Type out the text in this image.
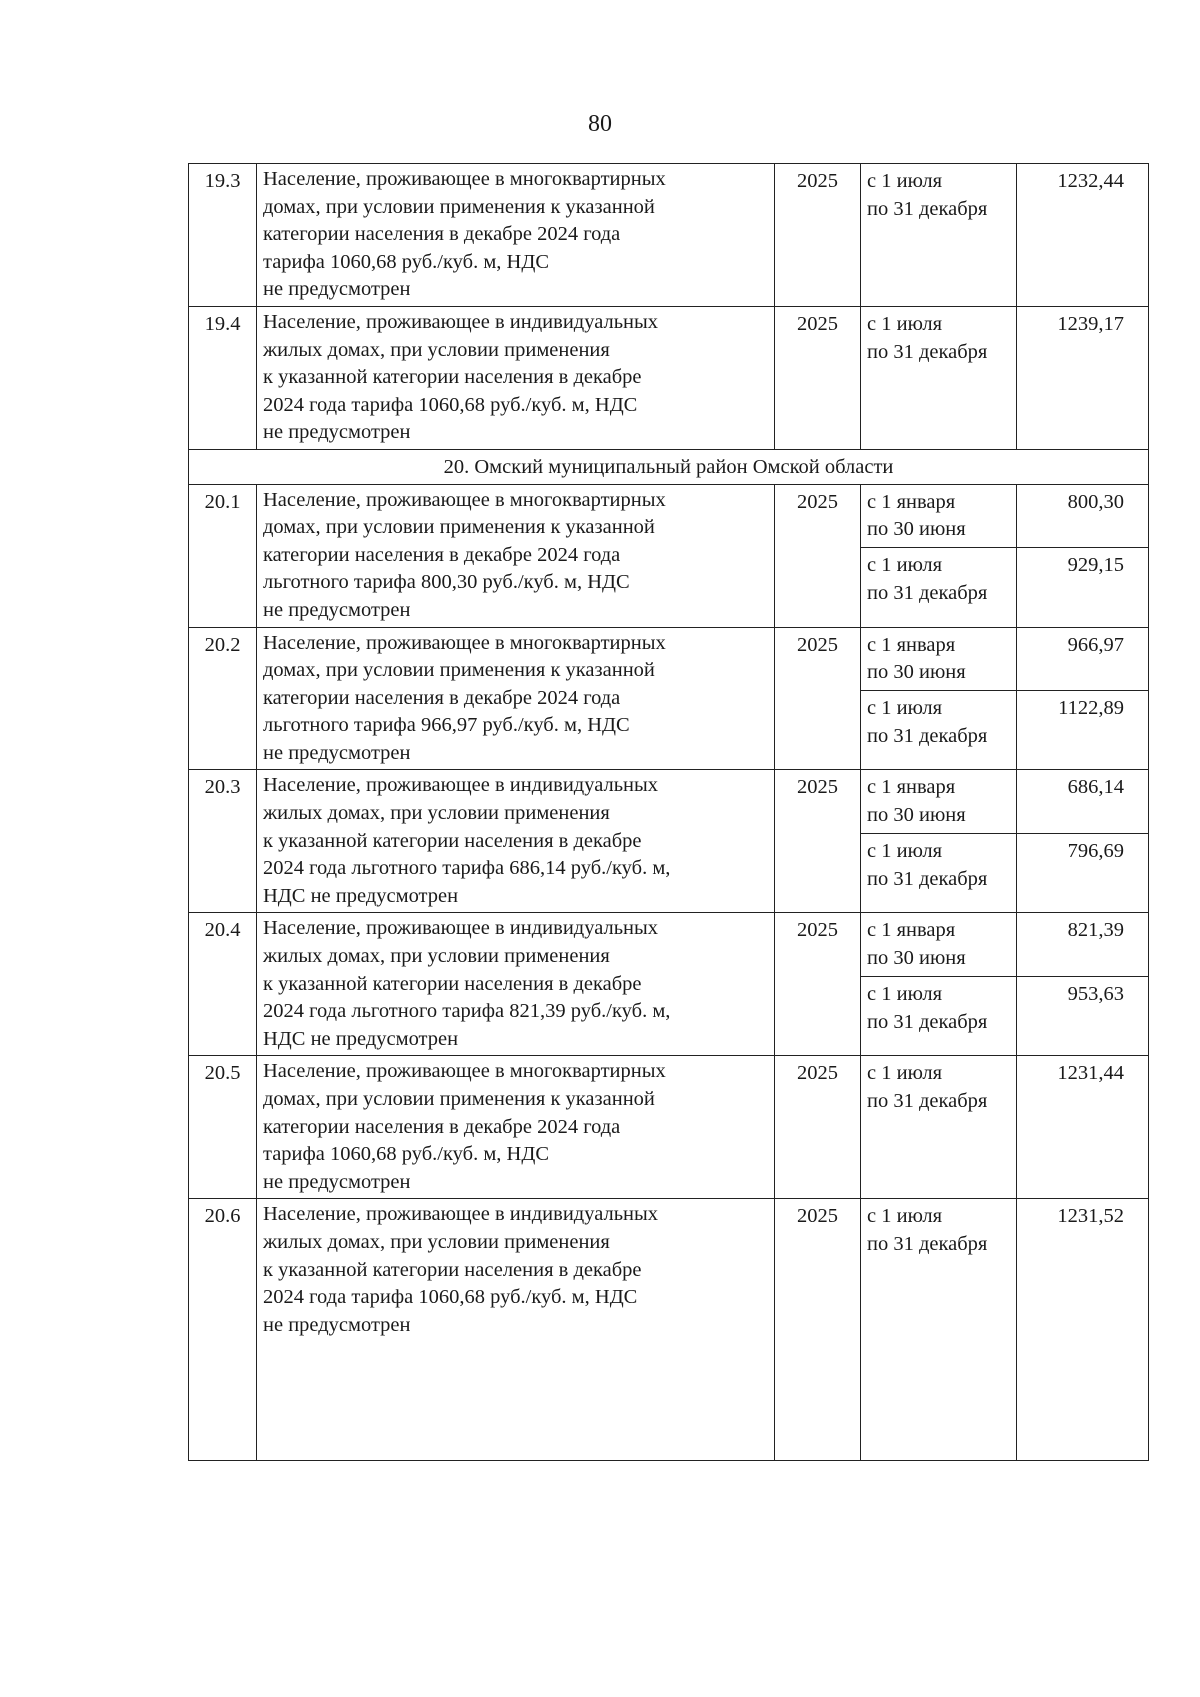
80
19.3	Население, проживающее в многоквартирных
домах, при условии применения к указанной
категории населения в декабре 2024 года
тарифа 1060,68 руб./куб. м, НДС
не предусмотрен	2025	с 1 июля
по 31 декабря	1232,44
19.4	Население, проживающее в индивидуальных
жилых домах, при условии применения
к указанной категории населения в декабре
2024 года тарифа 1060,68 руб./куб. м, НДС
не предусмотрен	2025	с 1 июля
по 31 декабря	1239,17
20. Омский муниципальный район Омской области				
20.1	Население, проживающее в многоквартирных
домах, при условии применения к указанной
категории населения в декабре 2024 года
льготного тарифа 800,30 руб./куб. м, НДС
не предусмотрен	2025	с 1 января
по 30 июня	800,30

			с 1 июля
по 31 декабря	929,15
20.2	Население, проживающее в многоквартирных
домах, при условии применения к указанной
категории населения в декабре 2024 года
льготного тарифа 966,97 руб./куб. м, НДС
не предусмотрен	2025	с 1 января
по 30 июня	966,97

			с 1 июля
по 31 декабря	1122,89
20.3	Население, проживающее в индивидуальных
жилых домах, при условии применения
к указанной категории населения в декабре
2024 года льготного тарифа 686,14 руб./куб. м,
НДС не предусмотрен	2025	с 1 января
по 30 июня	686,14

			с 1 июля
по 31 декабря	796,69
20.4	Население, проживающее в индивидуальных
жилых домах, при условии применения
к указанной категории населения в декабре
2024 года льготного тарифа 821,39 руб./куб. м,
НДС не предусмотрен	2025	с 1 января
по 30 июня	821,39

			с 1 июля
по 31 декабря	953,63
20.5	Население, проживающее в многоквартирных
домах, при условии применения к указанной
категории населения в декабре 2024 года
тарифа 1060,68 руб./куб. м, НДС
не предусмотрен	2025	с 1 июля
по 31 декабря	1231,44
20.6	Население, проживающее в индивидуальных
жилых домах, при условии применения
к указанной категории населения в декабре
2024 года тарифа 1060,68 руб./куб. м, НДС
не предусмотрен	2025	с 1 июля
по 31 декабря	1231,52
